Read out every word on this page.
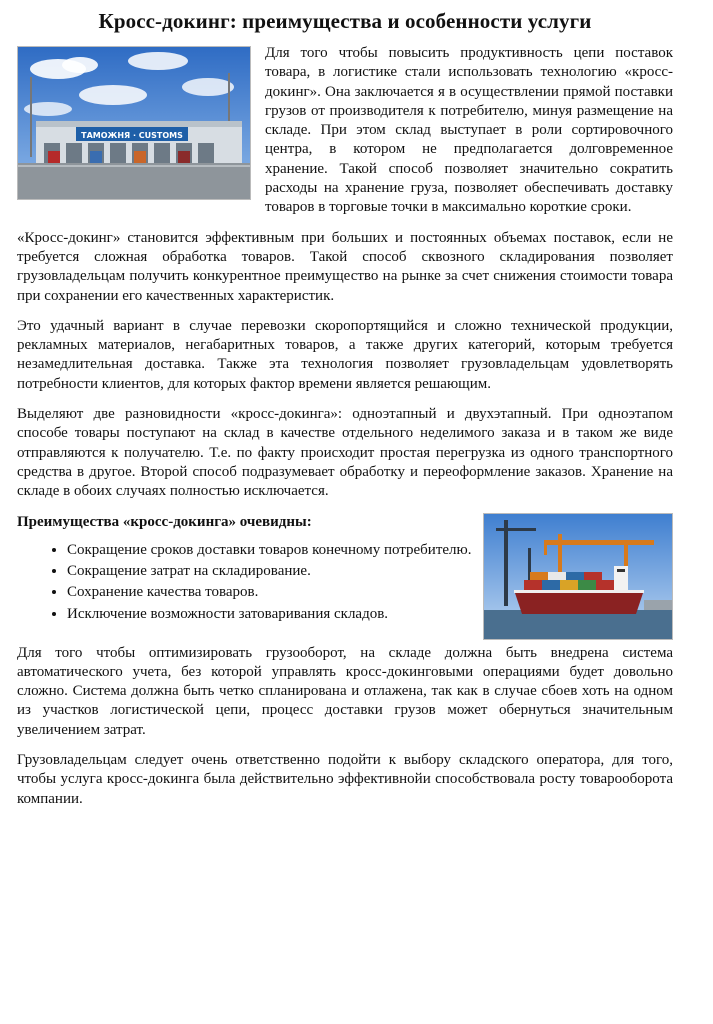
Кросс-докинг: преимущества и особенности услуги
ТАМОЖНЯ · CUSTOMS

Для того чтобы повысить продуктивность цепи поставок товара, в логистике стали использовать технологию «кросс-докинг». Она заключается я в осуществлении прямой поставки грузов от производителя к потребителю, минуя размещение на складе. При этом склад выступает в роли сортировочного центра, в котором не предполагается долговременное хранение. Такой способ позволяет значительно сократить расходы на хранение груза, позволяет обеспечивать доставку товаров в торговые точки в максимально короткие сроки.

«Кросс-докинг» становится эффективным при больших и постоянных объемах поставок, если не требуется сложная обработка товаров. Такой способ сквозного складирования позволяет грузовладельцам получить конкурентное преимущество на рынке за счет снижения стоимости товара при сохранении его качественных характеристик.

Это удачный вариант в случае перевозки скоропортящийся и сложно технической продукции, рекламных материалов, негабаритных товаров, а также других категорий, которым требуется незамедлительная доставка. Также эта технология позволяет грузовладельцам удовлетворять потребности клиентов, для которых фактор времени является решающим.

Выделяют две разновидности «кросс-докинга»: одноэтапный и двухэтапный. При одноэтапом способе товары поступают на склад в качестве отдельного неделимого заказа и в таком же виде отправляются к получателю. Т.е. по факту происходит простая перегрузка из одного транспортного средства в другое. Второй способ подразумевает обработку и переоформление заказов. Хранение на складе в обоих случаях полностью исключается.

Преимущества «кросс-докинга» очевидны:
• Сокращение сроков доставки товаров конечному потребителю.
• Сокращение затрат на складирование.
• Сохранение качества товаров.
• Исключение возможности затоваривания складов.

Для того чтобы оптимизировать грузооборот, на складе должна быть внедрена система автоматического учета, без которой управлять кросс-докинговыми операциями будет довольно сложно. Система должна быть четко спланирована и отлажена, так как в случае сбоев хоть на одном из участков логистической цепи, процесс доставки грузов может обернуться значительным увеличением затрат.

Грузовладельцам следует очень ответственно подойти к выбору складского оператора, для того, чтобы услуга кросс-докинга была действительно эффективнойи способствовала росту товарооборота компании.
